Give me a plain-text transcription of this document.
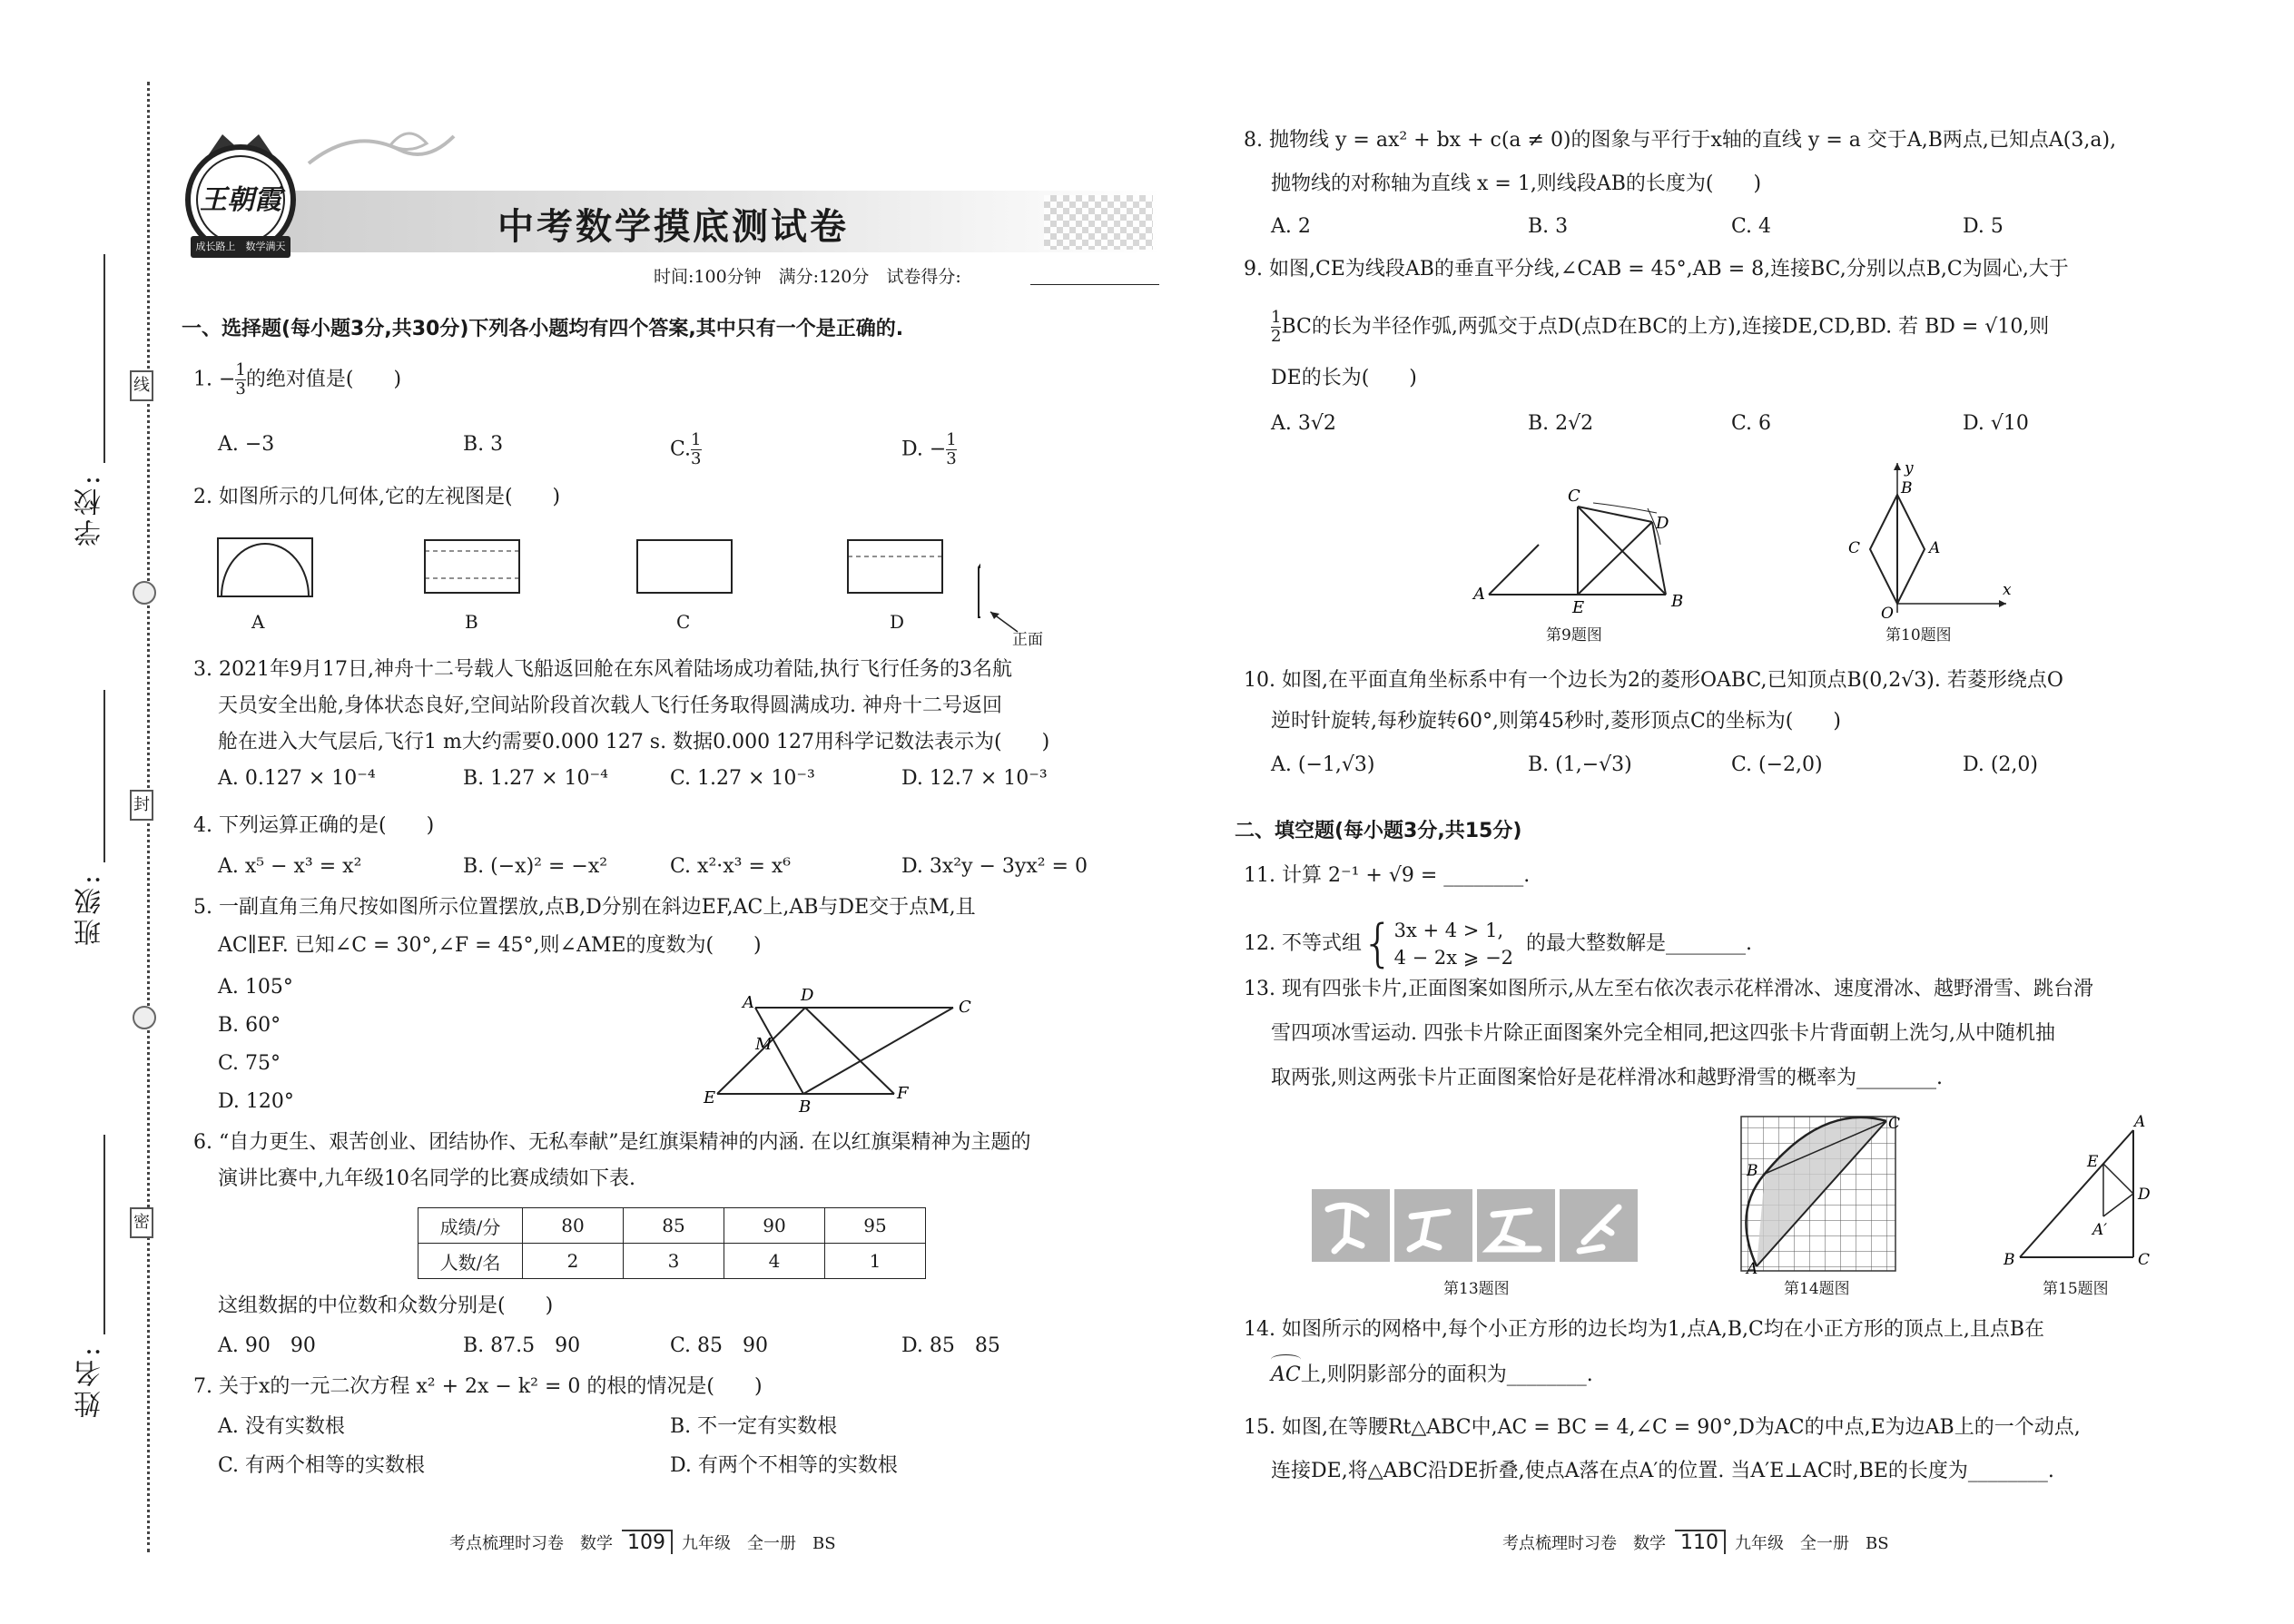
学校:
班级:
姓名:
线
封
密
王朝霞
成长路上　数学满天	中考数学摸底测试卷
时间:100分钟　满分:120分　试卷得分:
一、选择题(每小题3分,共30分)下列各小题均有四个答案,其中只有一个是正确的.
1. − $\frac{1}{3}$ 的绝对值是(　　)
A. −3	B. 3	C. $\frac{1}{3}$	D. − $\frac{1}{3}$
2. 如图所示的几何体,它的左视图是(　　)
A	B	C	D
正面
3. 2021年9月17日,神舟十二号载人飞船返回舱在东风着陆场成功着陆,执行飞行任务的3名航
天员安全出舱,身体状态良好,空间站阶段首次载人飞行任务取得圆满成功. 神舟十二号返回
舱在进入大气层后,飞行1 m大约需要0.000 127 s. 数据0.000 127用科学记数法表示为(　　)
A. 0.127 × 10⁻⁴	B. 1.27 × 10⁻⁴	C. 1.27 × 10⁻³	D. 12.7 × 10⁻³
4. 下列运算正确的是(　　)
A. x⁵ − x³ = x²	B. (−x)² = −x²	C. x²·x³ = x⁶	D. 3x²y − 3yx² = 0
5. 一副直角三角尺按如图所示位置摆放,点B,D分别在斜边EF,AC上,AB与DE交于点M,且
AC∥EF. 已知∠C = 30°,∠F = 45°,则∠AME的度数为(　　)
A. 105°
B. 60°
C. 75°
D. 120°
A	D
C
M
E	B
F
6. “自力更生、艰苦创业、团结协作、无私奉献”是红旗渠精神的内涵. 在以红旗渠精神为主题的
演讲比赛中,九年级10名同学的比赛成绩如下表.
成绩/分	80	85	90	95
人数/名	2	3	4	1
这组数据的中位数和众数分别是(　　)
A. 90　90	B. 87.5　90	C. 85　90	D. 85　85
7. 关于x的一元二次方程 x² + 2x − k² = 0 的根的情况是(　　)
A. 没有实数根	B. 不一定有实数根
C. 有两个相等的实数根	D. 有两个不相等的实数根
考点梳理时习卷　数学 109 九年级　全一册　BS
8. 抛物线 y = ax² + bx + c(a ≠ 0)的图象与平行于x轴的直线 y = a 交于A,B两点,已知点A(3,a),
抛物线的对称轴为直线 x = 1,则线段AB的长度为(　　)
A. 2	B. 3	C. 4	D. 5
9. 如图,CE为线段AB的垂直平分线,∠CAB = 45°,AB = 8,连接BC,分别以点B,C为圆心,大于
$\frac{1}{2}$ BC的长为半径作弧,两弧交于点D(点D在BC的上方),连接DE,CD,BD. 若 BD = √10,则
DE的长为(　　)
A. 3√2	B. 2√2	C. 6	D. √10
C
D
A
E	B
第9题图
y
B
C	A
O
x
第10题图
10. 如图,在平面直角坐标系中有一个边长为2的菱形OABC,已知顶点B(0,2√3). 若菱形绕点O
逆时针旋转,每秒旋转60°,则第45秒时,菱形顶点C的坐标为(　　)
A. (−1,√3)	B. (1,−√3)	C. (−2,0)	D. (2,0)
二、填空题(每小题3分,共15分)
11. 计算 2⁻¹ + √9 = ________.
12. 不等式组{ 3x + 4 > 1,
4 − 2x ⩾ −2
的最大整数解是________.
13. 现有四张卡片,正面图案如图所示,从左至右依次表示花样滑冰、速度滑冰、越野滑雪、跳台滑
雪四项冰雪运动. 四张卡片除正面图案外完全相同,把这四张卡片背面朝上洗匀,从中随机抽
取两张,则这两张卡片正面图案恰好是花样滑冰和越野滑雪的概率为________.
第13题图
C
B
A
第14题图
A
E
D
A′
B	C
第15题图
14. 如图所示的网格中,每个小正方形的边长均为1,点A,B,C均在小正方形的顶点上,且点B在
AC上,则阴影部分的面积为________.
15. 如图,在等腰Rt△ABC中,AC = BC = 4,∠C = 90°,D为AC的中点,E为边AB上的一个动点,
连接DE,将△ABC沿DE折叠,使点A落在点A′的位置. 当A′E⊥AC时,BE的长度为________.
考点梳理时习卷　数学 110 九年级　全一册　BS
